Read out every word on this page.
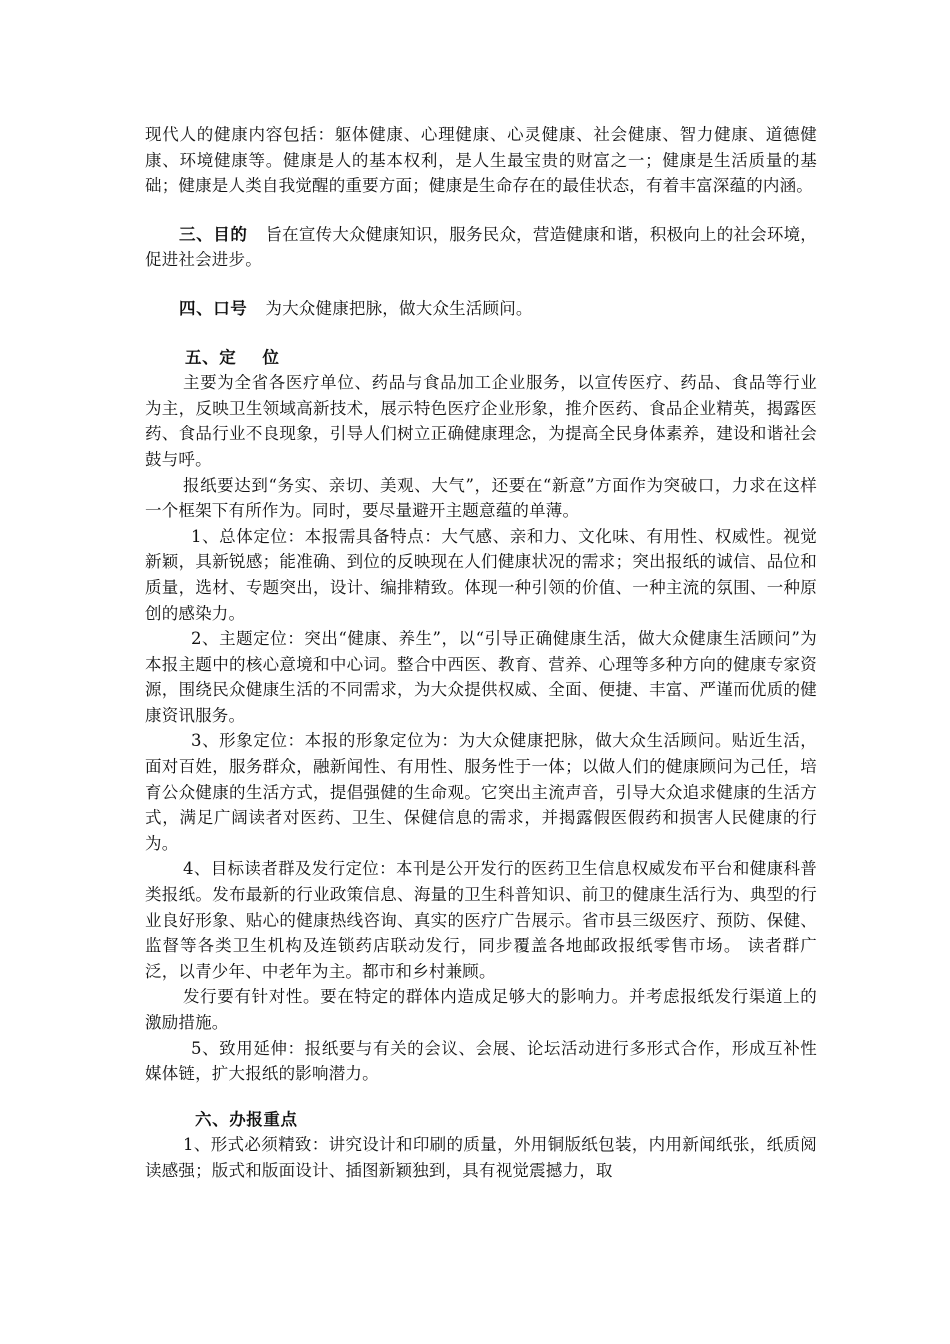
现代人的健康内容包括：躯体健康、心理健康、心灵健康、社会健康、智力健康、道德健康、环境健康等。健康是人的基本权利，是人生最宝贵的财富之一；健康是生活质量的基础；健康是人类自我觉醒的重要方面；健康是生命存在的最佳状态，有着丰富深蕴的内涵。

三、目的 旨在宣传大众健康知识，服务民众，营造健康和谐，积极向上的社会环境，促进社会进步。

四、口号 为大众健康把脉，做大众生活顾问。

五、定 位

主要为全省各医疗单位、药品与食品加工企业服务，以宣传医疗、药品、食品等行业为主，反映卫生领域高新技术，展示特色医疗企业形象，推介医药、食品企业精英，揭露医药、食品行业不良现象，引导人们树立正确健康理念，为提高全民身体素养，建设和谐社会鼓与呼。

报纸要达到“务实、亲切、美观、大气”，还要在“新意”方面作为突破口，力求在这样一个框架下有所作为。同时，要尽量避开主题意蕴的单薄。

1、总体定位：本报需具备特点：大气感、亲和力、文化味、有用性、权威性。视觉新颖，具新锐感；能准确、到位的反映现在人们健康状况的需求；突出报纸的诚信、品位和质量，选材、专题突出，设计、编排精致。体现一种引领的价值、一种主流的氛围、一种原创的感染力。

2、主题定位：突出“健康、养生”，以“引导正确健康生活，做大众健康生活顾问”为本报主题中的核心意境和中心词。整合中西医、教育、营养、心理等多种方向的健康专家资源，围绕民众健康生活的不同需求，为大众提供权威、全面、便捷、丰富、严谨而优质的健康资讯服务。

3、形象定位：本报的形象定位为：为大众健康把脉，做大众生活顾问。贴近生活，面对百姓，服务群众，融新闻性、有用性、服务性于一体；以做人们的健康顾问为己任，培育公众健康的生活方式，提倡强健的生命观。它突出主流声音，引导大众追求健康的生活方式，满足广阔读者对医药、卫生、保健信息的需求，并揭露假医假药和损害人民健康的行为。

4、目标读者群及发行定位：本刊是公开发行的医药卫生信息权威发布平台和健康科普类报纸。发布最新的行业政策信息、海量的卫生科普知识、前卫的健康生活行为、典型的行业良好形象、贴心的健康热线咨询、真实的医疗广告展示。省市县三级医疗、预防、保健、监督等各类卫生机构及连锁药店联动发行，同步覆盖各地邮政报纸零售市场。 读者群广泛，以青少年、中老年为主。都市和乡村兼顾。

发行要有针对性。要在特定的群体内造成足够大的影响力。并考虑报纸发行渠道上的激励措施。

5、致用延伸：报纸要与有关的会议、会展、论坛活动进行多形式合作，形成互补性媒体链，扩大报纸的影响潜力。

六、办报重点

1、形式必须精致：讲究设计和印刷的质量，外用铜版纸包装，内用新闻纸张，纸质阅读感强；版式和版面设计、插图新颖独到，具有视觉震撼力，取
